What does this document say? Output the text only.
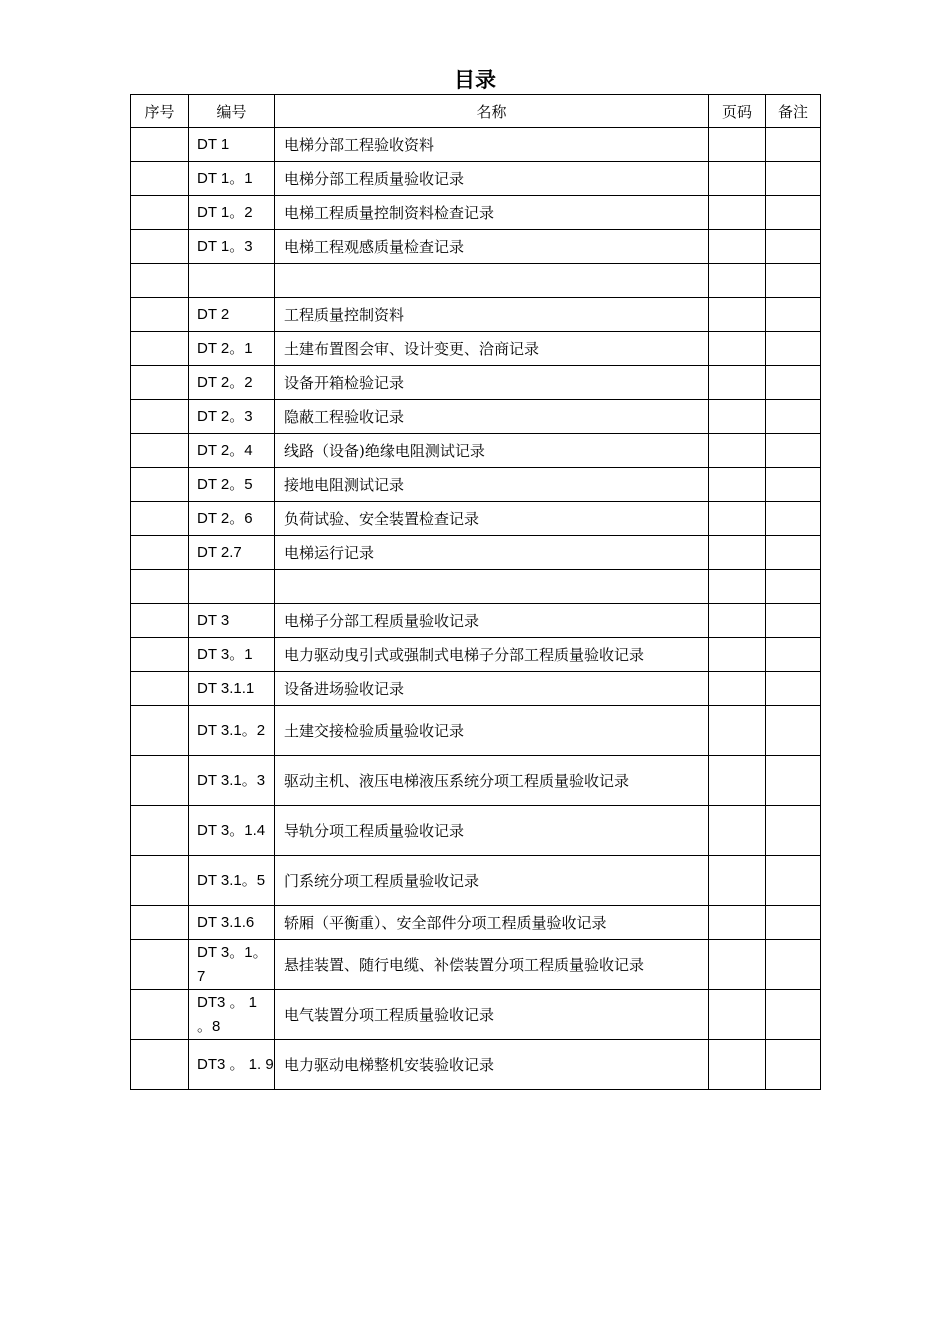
目录
序号	编号	名称	页码	备注
	DT 1	电梯分部工程验收资料		
	DT 1。1	电梯分部工程质量验收记录		
	DT 1。2	电梯工程质量控制资料检查记录		
	DT 1。3	电梯工程观感质量检查记录		

	DT 2	工程质量控制资料		
	DT 2。1	土建布置图会审、设计变更、洽商记录		
	DT 2。2	设备开箱检验记录		
	DT 2。3	隐蔽工程验收记录		
	DT 2。4	线路（设备)绝缘电阻测试记录		
	DT 2。5	接地电阻测试记录		
	DT 2。6	负荷试验、安全装置检查记录		
	DT 2.7	电梯运行记录		

	DT 3	电梯子分部工程质量验收记录		
	DT 3。1	电力驱动曳引式或强制式电梯子分部工程质量验收记录		
	DT 3.1.1	设备进场验收记录		
	DT 3.1。2	土建交接检验质量验收记录		
	DT 3.1。3	驱动主机、液压电梯液压系统分项工程质量验收记录		
	DT 3。1.4	导轨分项工程质量验收记录		
	DT 3.1。5	门系统分项工程质量验收记录		
	DT 3.1.6	轿厢（平衡重）、安全部件分项工程质量验收记录		
	DT 3。1。7	悬挂装置、随行电缆、补偿装置分项工程质量验收记录		
	DT3 。 1 。8	电气装置分项工程质量验收记录		
	DT3 。 1. 9	电力驱动电梯整机安装验收记录		
